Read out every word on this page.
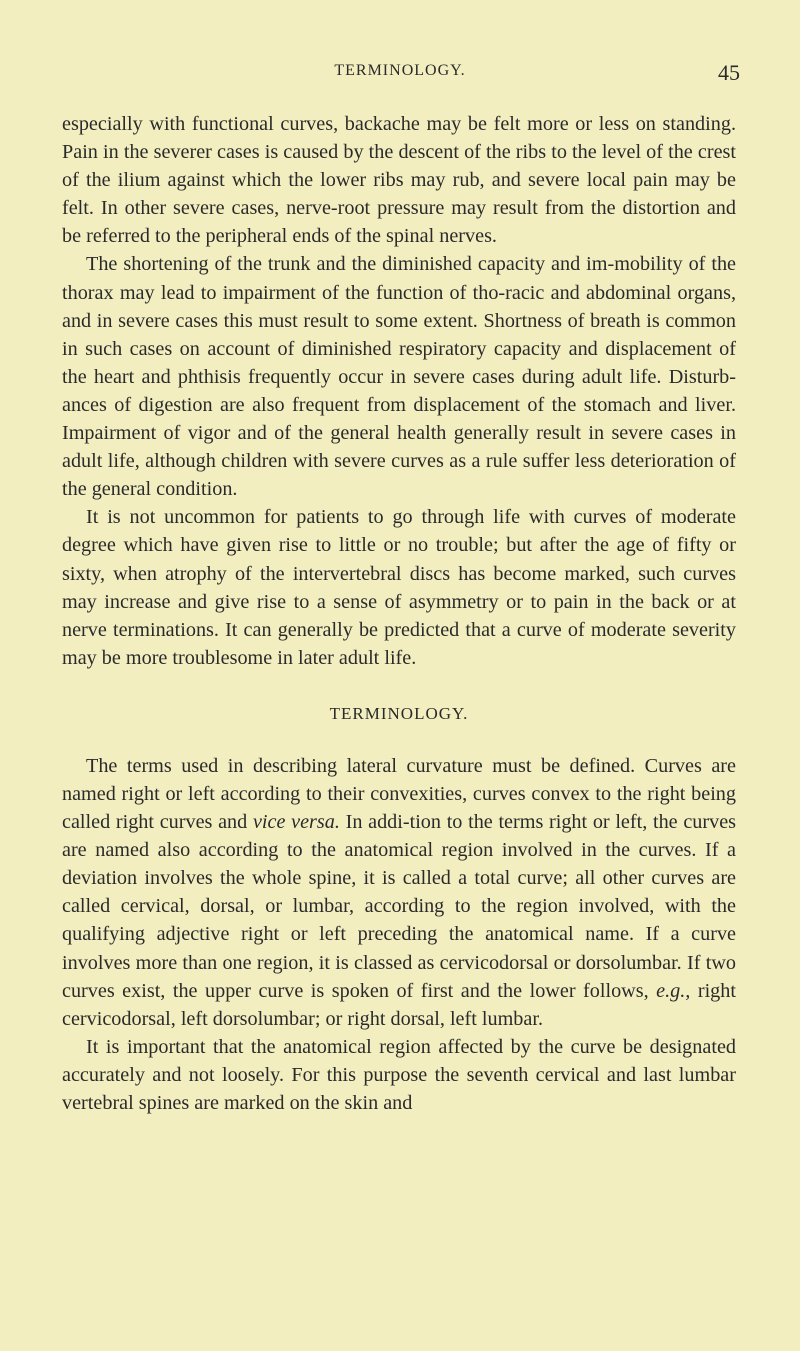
TERMINOLOGY.	45

especially with functional curves, backache may be felt more or less on standing. Pain in the severer cases is caused by the descent of the ribs to the level of the crest of the ilium against which the lower ribs may rub, and severe local pain may be felt. In other severe cases, nerve-root pressure may result from the distortion and be referred to the peripheral ends of the spinal nerves.

The shortening of the trunk and the diminished capacity and im-mobility of the thorax may lead to impairment of the function of tho-racic and abdominal organs, and in severe cases this must result to some extent. Shortness of breath is common in such cases on account of diminished respiratory capacity and displacement of the heart and phthisis frequently occur in severe cases during adult life. Disturb-ances of digestion are also frequent from displacement of the stomach and liver. Impairment of vigor and of the general health generally result in severe cases in adult life, although children with severe curves as a rule suffer less deterioration of the general condition.

It is not uncommon for patients to go through life with curves of moderate degree which have given rise to little or no trouble; but after the age of fifty or sixty, when atrophy of the intervertebral discs has become marked, such curves may increase and give rise to a sense of asymmetry or to pain in the back or at nerve terminations. It can generally be predicted that a curve of moderate severity may be more troublesome in later adult life.

TERMINOLOGY.

The terms used in describing lateral curvature must be defined. Curves are named right or left according to their convexities, curves convex to the right being called right curves and vice versa. In addi-tion to the terms right or left, the curves are named also according to the anatomical region involved in the curves. If a deviation involves the whole spine, it is called a total curve; all other curves are called cervical, dorsal, or lumbar, according to the region involved, with the qualifying adjective right or left preceding the anatomical name. If a curve involves more than one region, it is classed as cervicodorsal or dorsolumbar. If two curves exist, the upper curve is spoken of first and the lower follows, e.g., right cervicodorsal, left dorsolumbar; or right dorsal, left lumbar.

It is important that the anatomical region affected by the curve be designated accurately and not loosely. For this purpose the seventh cervical and last lumbar vertebral spines are marked on the skin and
